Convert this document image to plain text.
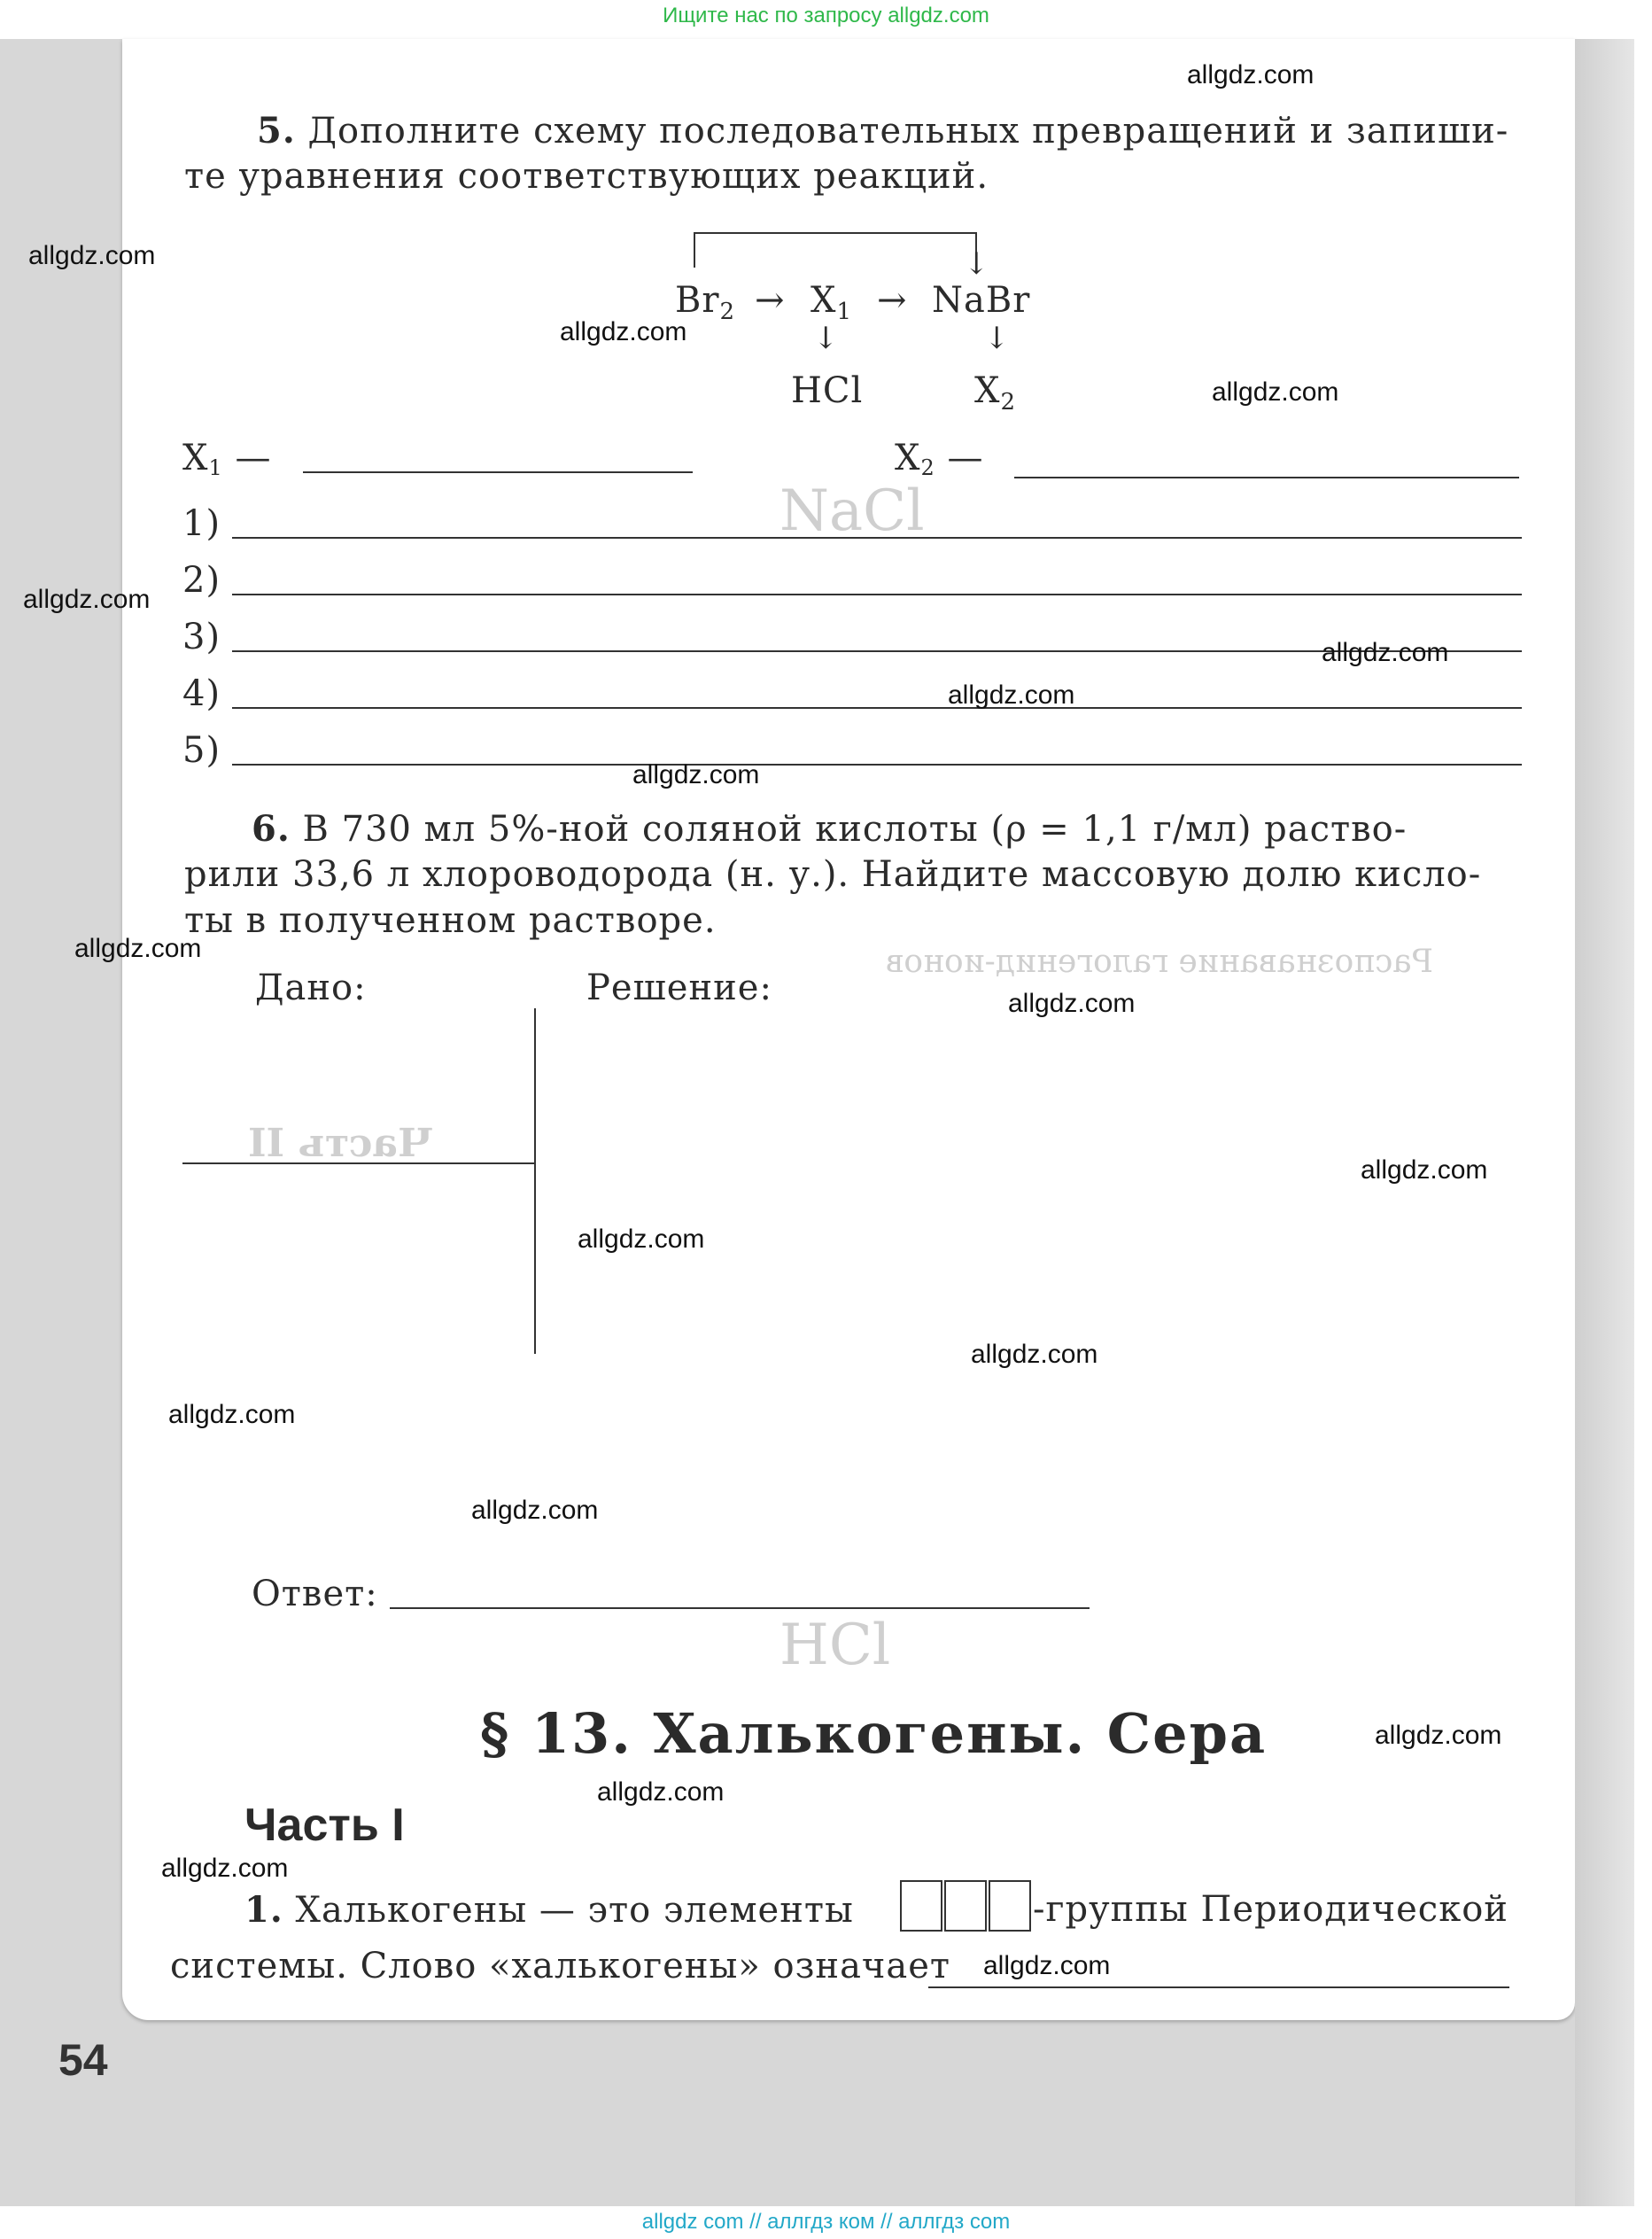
NaCl
HCl
Распознавание галогенид-ионов
Часть II
Ищите нас по запросу allgdz.com
5. Дополните схему последовательных превращений и запиши-
те уравнения соответствующих реакций.
↓
$Br_2 \to X_1$ → NaBr
↓	↓
HCl	$X_2$
X1 —	X2 —
1)
2)
3)
4)
5)
6. В 730 мл 5%-ной соляной кислоты (ρ = 1,1 г/мл) раство-
рили 33,6 л хлороводорода (н. у.). Найдите массовую долю кисло-
ты в полученном растворе.
Дано:	Решение:
Ответ:
§ 13. Халькогены. Сера
Часть I
1. Халькогены — это элементы	-группы Периодической
системы. Слово «халькогены» означает
54
allgdz.com
allgdz.com
allgdz.com
allgdz.com
allgdz.com
allgdz.com
allgdz.com
allgdz.com
allgdz.com
allgdz.com
allgdz.com
allgdz.com
allgdz.com
allgdz.com
allgdz.com
allgdz.com
allgdz.com
allgdz.com
allgdz.com
allgdz com // аллгдз ком // аллгдз com
